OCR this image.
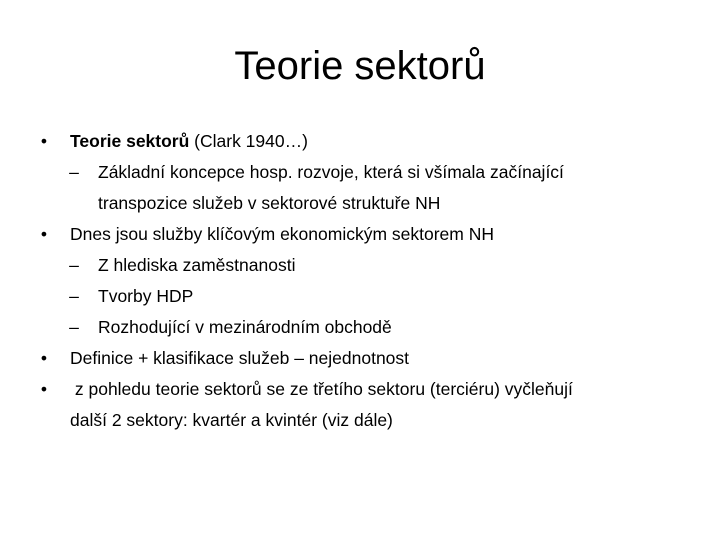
Teorie sektorů
•	Teorie sektorů (Clark 1940…)
– Základní koncepce hosp. rozvoje, která si všímala začínající
transpozice služeb v sektorové struktuře NH
•	Dnes jsou služby klíčovým ekonomickým sektorem NH
– Z hlediska zaměstnanosti
– Tvorby HDP
– Rozhodující v mezinárodním obchodě
•	Definice + klasifikace služeb – nejednotnost
•	z pohledu teorie sektorů se ze třetího sektoru (terciéru) vyčleňují
další 2 sektory: kvartér a kvintér (viz dále)
